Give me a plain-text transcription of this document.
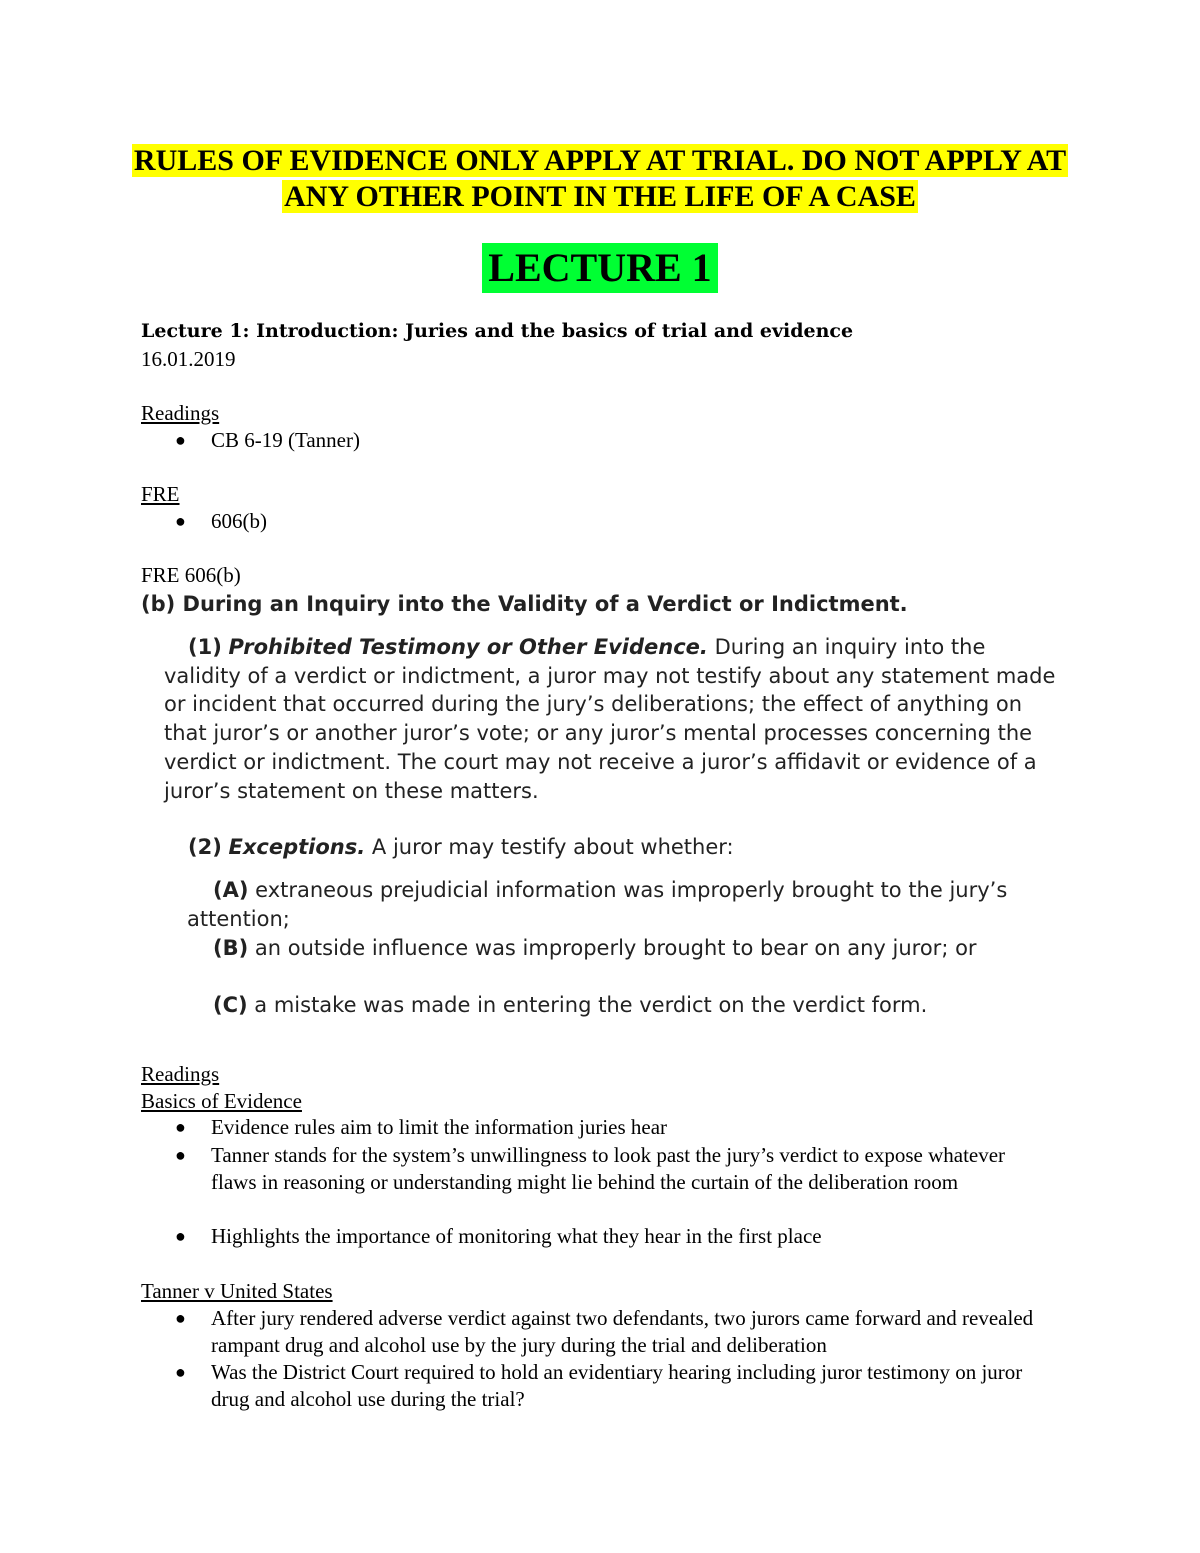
RULES OF EVIDENCE ONLY APPLY AT TRIAL. DO NOT APPLY AT
ANY OTHER POINT IN THE LIFE OF A CASE
LECTURE 1
Lecture 1: Introduction: Juries and the basics of trial and evidence
16.01.2019
Readings
● CB 6-19 (Tanner)
FRE
● 606(b)
FRE 606(b)
(b) During an Inquiry into the Validity of a Verdict or Indictment.
(1) Prohibited Testimony or Other Evidence. During an inquiry into the validity of a verdict or indictment, a juror may not testify about any statement made or incident that occurred during the jury’s deliberations; the effect of anything on that juror’s or another juror’s vote; or any juror’s mental processes concerning the verdict or indictment. The court may not receive a juror’s affidavit or evidence of a juror’s statement on these matters.
(2) Exceptions. A juror may testify about whether:
(A) extraneous prejudicial information was improperly brought to the jury’s attention;
(B) an outside influence was improperly brought to bear on any juror; or
(C) a mistake was made in entering the verdict on the verdict form.
Readings
Basics of Evidence
● Evidence rules aim to limit the information juries hear
● Tanner stands for the system’s unwillingness to look past the jury’s verdict to expose whatever flaws in reasoning or understanding might lie behind the curtain of the deliberation room
● Highlights the importance of monitoring what they hear in the first place
Tanner v United States
● After jury rendered adverse verdict against two defendants, two jurors came forward and revealed rampant drug and alcohol use by the jury during the trial and deliberation
● Was the District Court required to hold an evidentiary hearing including juror testimony on juror drug and alcohol use during the trial?
